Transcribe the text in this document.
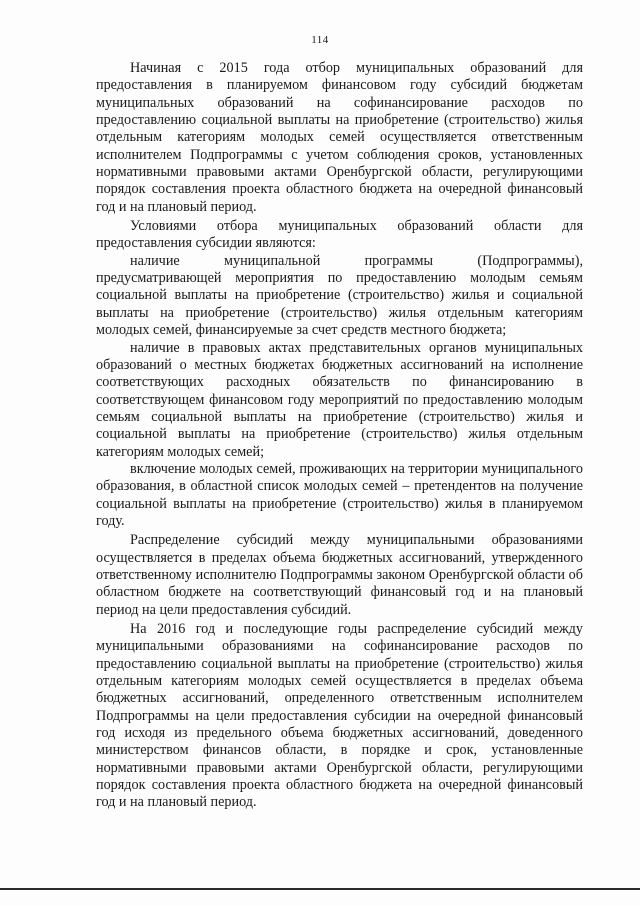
114

Начиная с 2015 года отбор муниципальных образований для предоставления в планируемом финансовом году субсидий бюджетам муниципальных образований на софинансирование расходов по предоставлению социальной выплаты на приобретение (строительство) жилья отдельным категориям молодых семей осуществляется ответственным исполнителем Подпрограммы с учетом соблюдения сроков, установленных нормативными правовыми актами Оренбургской области, регулирующими порядок составления проекта областного бюджета на очередной финансовый год и на плановый период.

Условиями отбора муниципальных образований области для предоставления субсидии являются:

наличие муниципальной программы (Подпрограммы), предусматривающей мероприятия по предоставлению молодым семьям социальной выплаты на приобретение (строительство) жилья и социальной выплаты на приобретение (строительство) жилья отдельным категориям молодых семей, финансируемые за счет средств местного бюджета;

наличие в правовых актах представительных органов муниципальных образований о местных бюджетах бюджетных ассигнований на исполнение соответствующих расходных обязательств по финансированию в соответствующем финансовом году мероприятий по предоставлению молодым семьям социальной выплаты на приобретение (строительство) жилья и социальной выплаты на приобретение (строительство) жилья отдельным категориям молодых семей;

включение молодых семей, проживающих на территории муниципального образования, в областной список молодых семей – претендентов на получение социальной выплаты на приобретение (строительство) жилья в планируемом году.

Распределение субсидий между муниципальными образованиями осуществляется в пределах объема бюджетных ассигнований, утвержденного ответственному исполнителю Подпрограммы законом Оренбургской области об областном бюджете на соответствующий финансовый год и на плановый период на цели предоставления субсидий.

На 2016 год и последующие годы распределение субсидий между муниципальными образованиями на софинансирование расходов по предоставлению социальной выплаты на приобретение (строительство) жилья отдельным категориям молодых семей осуществляется в пределах объема бюджетных ассигнований, определенного ответственным исполнителем Подпрограммы на цели предоставления субсидии на очередной финансовый год исходя из предельного объема бюджетных ассигнований, доведенного министерством финансов области, в порядке и срок, установленные нормативными правовыми актами Оренбургской области, регулирующими порядок составления проекта областного бюджета на очередной финансовый год и на плановый период.
